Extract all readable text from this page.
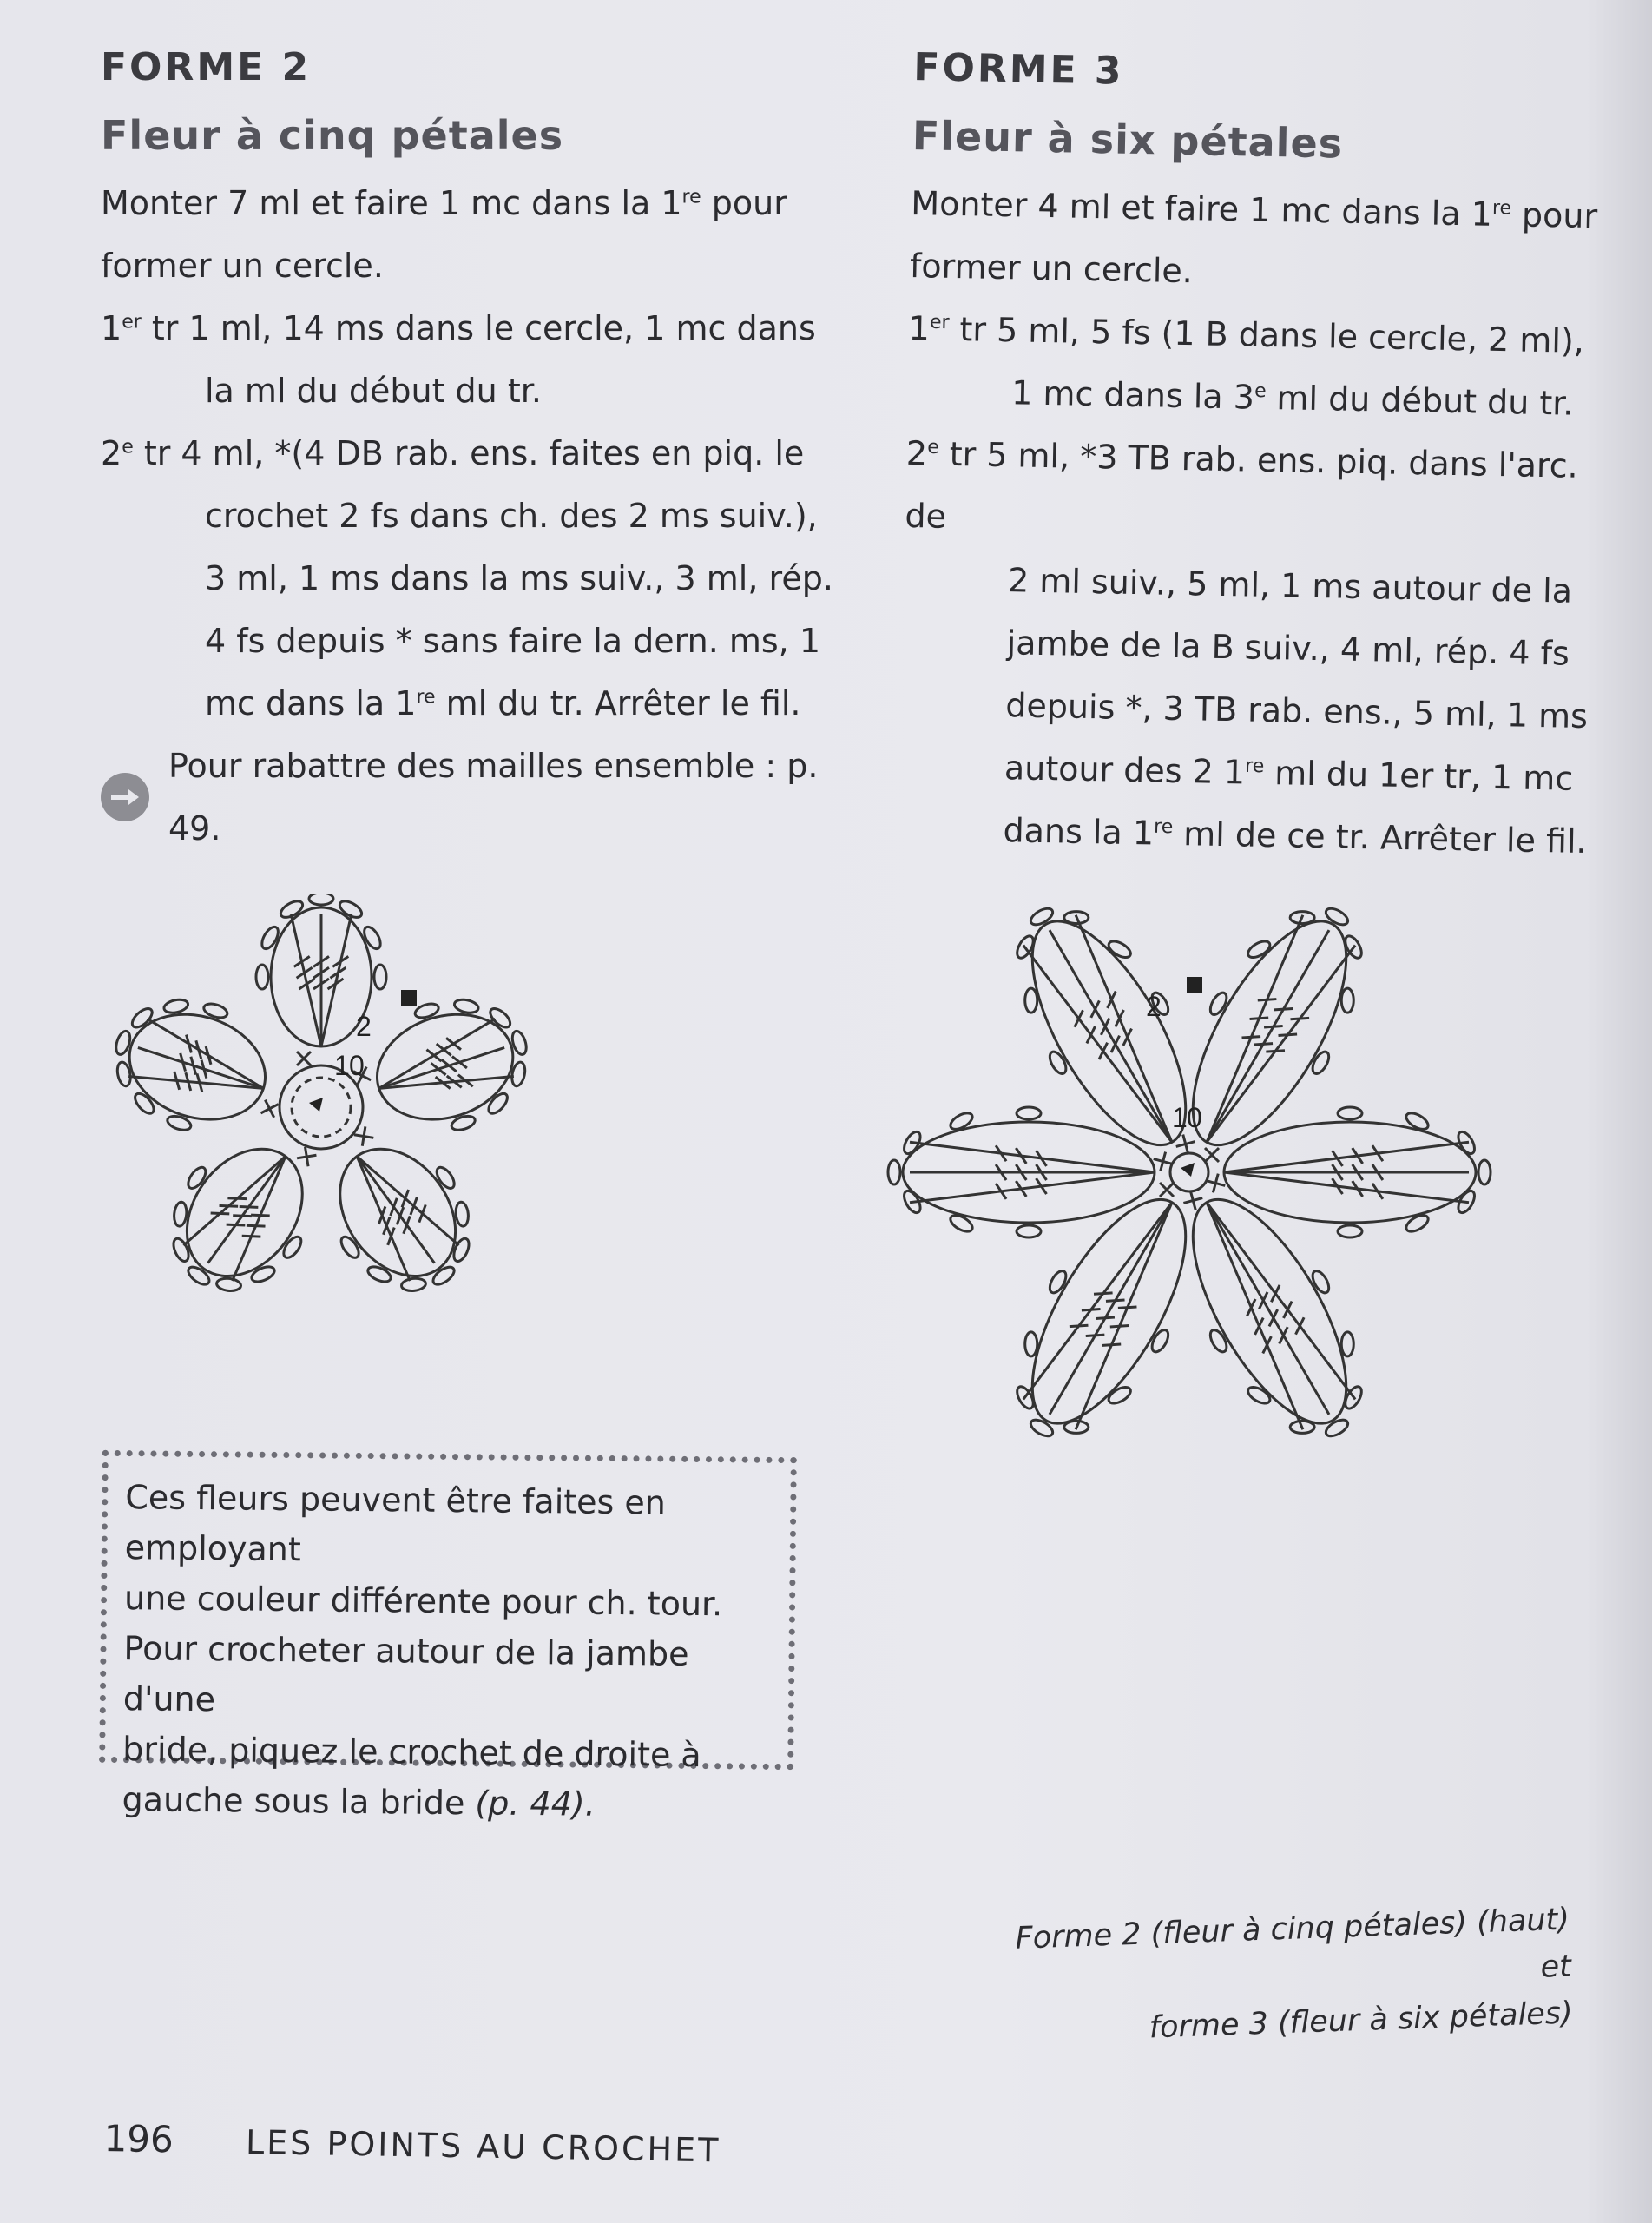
FORME 2
Fleur à cinq pétales

Monter 7 ml et faire 1 mc dans la 1re pour

former un cercle.

1er tr 1 ml, 14 ms dans le cercle, 1 mc dans

la ml du début du tr.

2e tr 4 ml, *(4 DB rab. ens. faites en piq. le

crochet 2 fs dans ch. des 2 ms suiv.),

3 ml, 1 ms dans la ms suiv., 3 ml, rép.

4 fs depuis * sans faire la dern. ms, 1

mc dans la 1re ml du tr. Arrêter le fil.

Pour rabattre des mailles ensemble : p. 49.
FORME 3
Fleur à six pétales

Monter 4 ml et faire 1 mc dans la 1re pour

former un cercle.

1er tr 5 ml, 5 fs (1 B dans le cercle, 2 ml),

1 mc dans la 3e ml du début du tr.

2e tr 5 ml, *3 TB rab. ens. piq. dans l'arc. de

2 ml suiv., 5 ml, 1 ms autour de la

jambe de la B suiv., 4 ml, rép. 4 fs

depuis *, 3 TB rab. ens., 5 ml, 1 ms

autour des 2 1re ml du 1er tr, 1 mc

dans la 1re ml de ce tr. Arrêter le fil.

2
1 0
2
1 0

Ces fleurs peuvent être faites en employant

une couleur différente pour ch. tour.

Pour crocheter autour de la jambe d'une

bride, piquez le crochet de droite à

gauche sous la bride (p. 44).

Forme 2 (fleur à cinq pétales) (haut) et
forme 3 (fleur à six pétales)
196 LES POINTS AU CROCHET
